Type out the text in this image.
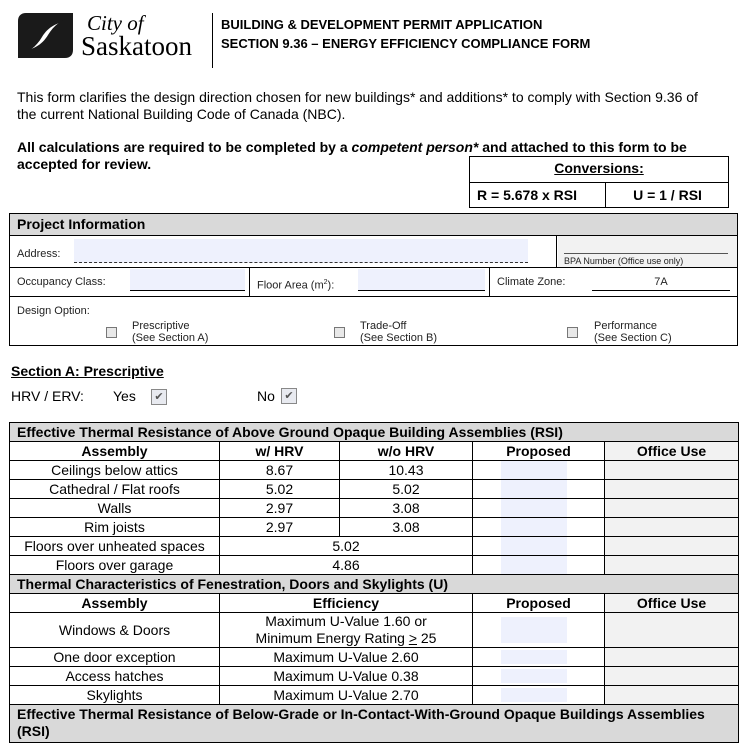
City of
Saskatoon
BUILDING & DEVELOPMENT PERMIT APPLICATION
SECTION 9.36 – ENERGY EFFICIENCY COMPLIANCE FORM
This form clarifies the design direction chosen for new buildings* and additions* to comply with Section 9.36 of the current National Building Code of Canada (NBC).
All calculations are required to be completed by a competent person* and attached to this form to be accepted for review.	Conversions:
R = 5.678 x RSI	U = 1 / RSI
Project Information
Address:
BPA Number (Office use only)
Occupancy Class:	Floor Area $(m^2)$:	Climate Zone:	7A
Design Option:
Prescriptive
(See Section A)
Trade-Off
(See Section B)
Performance
(See Section C)
Section A: Prescriptive
HRV / ERV: Yes	✔	No ✔
Effective Thermal Resistance of Above Ground Opaque Building Assemblies (RSI)				
Assembly	w/ HRV	w/o HRV	Proposed	Office Use
Ceilings below attics	8.67	10.43	

Cathedral / Flat roofs	5.02	5.02	

Walls	2.97	3.08	

Rim joists	2.97	3.08	

Floors over unheated spaces	5.02		

Floors over garage	4.86		

Thermal Characteristics of Fenestration, Doors and Skylights (U)				
Assembly	Efficiency		Proposed	Office Use
Windows & Doors	Maximum U-Value 1.60 or
Minimum Energy Rating ≥ 25			

One door exception	Maximum U-Value 2.60		

Access hatches	Maximum U-Value 0.38		

Skylights	Maximum U-Value 2.70		

Effective Thermal Resistance of Below-Grade or In-Contact-With-Ground Opaque Buildings Assemblies (RSI)				
